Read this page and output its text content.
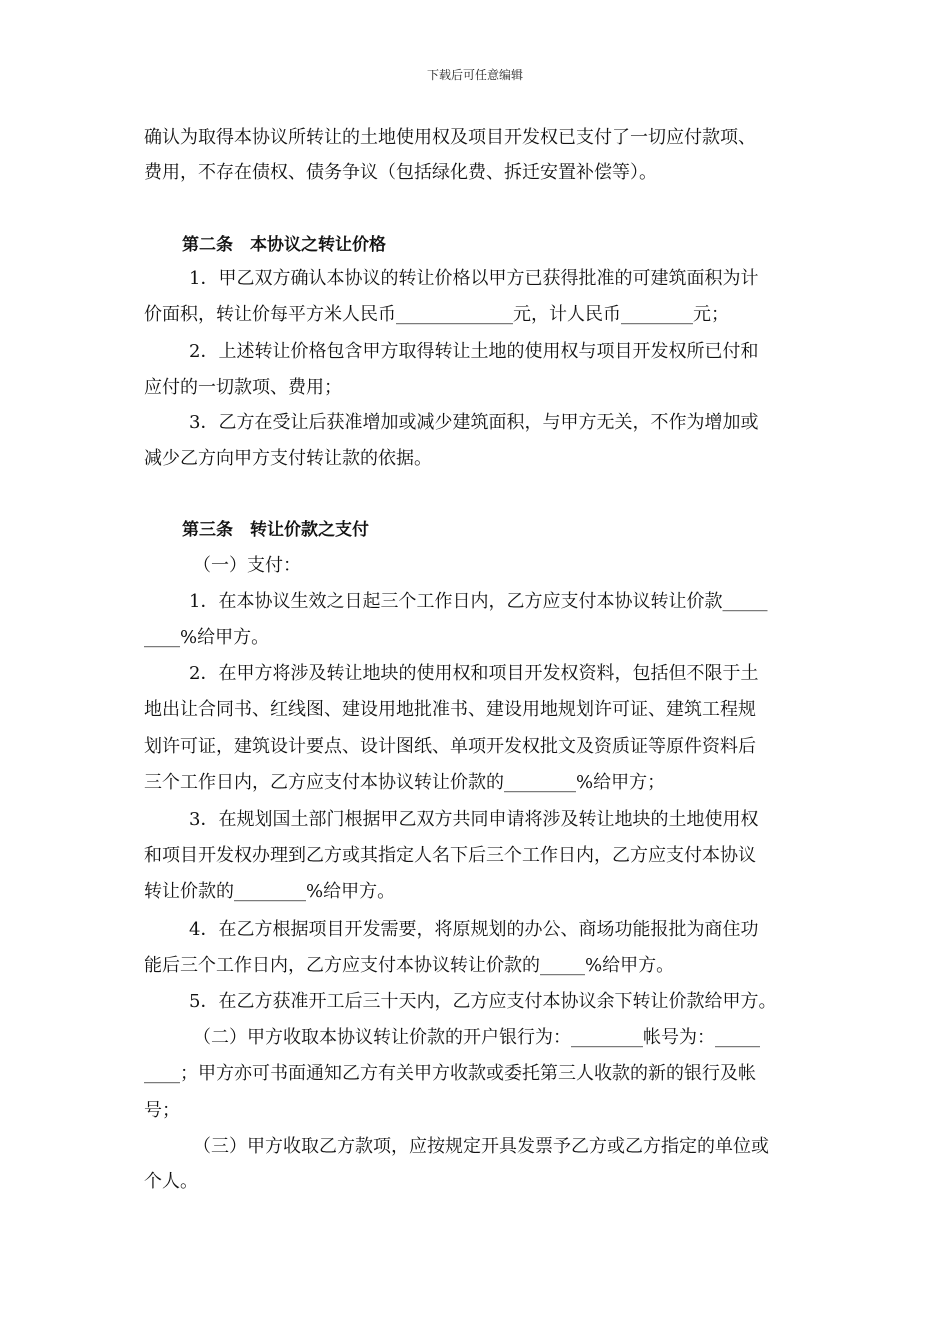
下载后可任意编辑
确认为取得本协议所转让的土地使用权及项目开发权已支付了一切应付款项、
费用，不存在债权、债务争议（包括绿化费、拆迁安置补偿等）。
第二条　本协议之转让价格
1．甲乙双方确认本协议的转让价格以甲方已获得批准的可建筑面积为计
价面积，转让价每平方米人民币_____________元，计人民币________元；
2．上述转让价格包含甲方取得转让土地的使用权与项目开发权所已付和
应付的一切款项、费用；
3．乙方在受让后获准增加或减少建筑面积，与甲方无关，不作为增加或
减少乙方向甲方支付转让款的依据。
第三条　转让价款之支付
（一）支付：
1．在本协议生效之日起三个工作日内，乙方应支付本协议转让价款_____
____%给甲方。
2．在甲方将涉及转让地块的使用权和项目开发权资料，包括但不限于土
地出让合同书、红线图、建设用地批准书、建设用地规划许可证、建筑工程规
划许可证，建筑设计要点、设计图纸、单项开发权批文及资质证等原件资料后
三个工作日内，乙方应支付本协议转让价款的________%给甲方；
3．在规划国土部门根据甲乙双方共同申请将涉及转让地块的土地使用权
和项目开发权办理到乙方或其指定人名下后三个工作日内，乙方应支付本协议
转让价款的________%给甲方。
4．在乙方根据项目开发需要，将原规划的办公、商场功能报批为商住功
能后三个工作日内，乙方应支付本协议转让价款的_____%给甲方。
5．在乙方获准开工后三十天内，乙方应支付本协议余下转让价款给甲方。
（二）甲方收取本协议转让价款的开户银行为：________帐号为：_____
____；甲方亦可书面通知乙方有关甲方收款或委托第三人收款的新的银行及帐
号；
（三）甲方收取乙方款项，应按规定开具发票予乙方或乙方指定的单位或
个人。
